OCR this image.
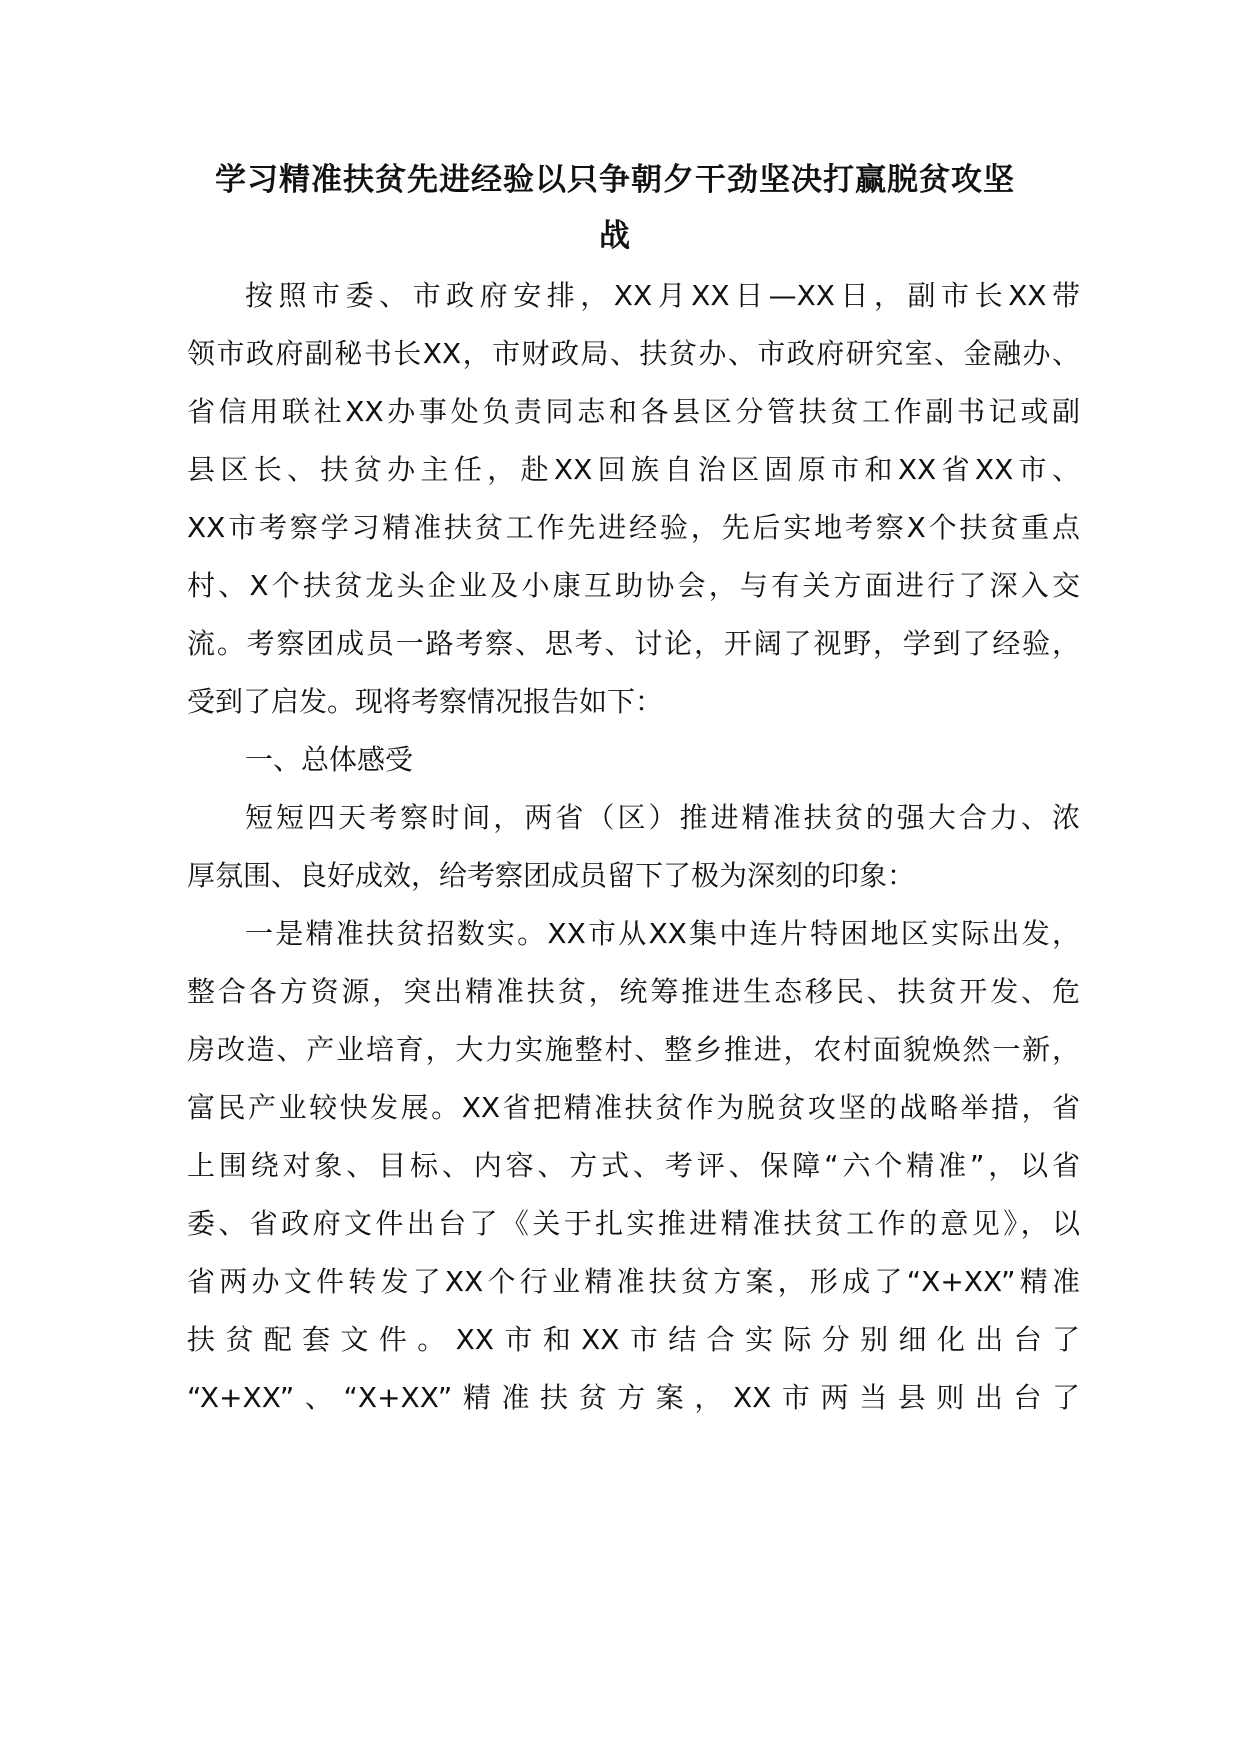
学习精准扶贫先进经验以只争朝夕干劲坚决打赢脱贫攻坚
战

按照市委、市政府安排，XX月XX日—XX日，副市长XX带

领市政府副秘书长XX，市财政局、扶贫办、市政府研究室、金融办、

省信用联社XX办事处负责同志和各县区分管扶贫工作副书记或副

县区长、扶贫办主任，赴XX回族自治区固原市和XX省XX市、

XX市考察学习精准扶贫工作先进经验，先后实地考察X个扶贫重点

村、X个扶贫龙头企业及小康互助协会，与有关方面进行了深入交

流。考察团成员一路考察、思考、讨论，开阔了视野，学到了经验，

受到了启发。现将考察情况报告如下：

一、总体感受

短短四天考察时间，两省（区）推进精准扶贫的强大合力、浓

厚氛围、良好成效，给考察团成员留下了极为深刻的印象：

一是精准扶贫招数实。XX市从XX集中连片特困地区实际出发，

整合各方资源，突出精准扶贫，统筹推进生态移民、扶贫开发、危

房改造、产业培育，大力实施整村、整乡推进，农村面貌焕然一新，

富民产业较快发展。XX省把精准扶贫作为脱贫攻坚的战略举措，省

上围绕对象、目标、内容、方式、考评、保障“六个精准”，以省

委、省政府文件出台了《关于扎实推进精准扶贫工作的意见》，以

省两办文件转发了XX个行业精准扶贫方案，形成了“X+XX”精准

扶贫配套文件。XX市和XX市结合实际分别细化出台了

“X+XX”、“X+XX”精准扶贫方案，XX市两当县则出台了
